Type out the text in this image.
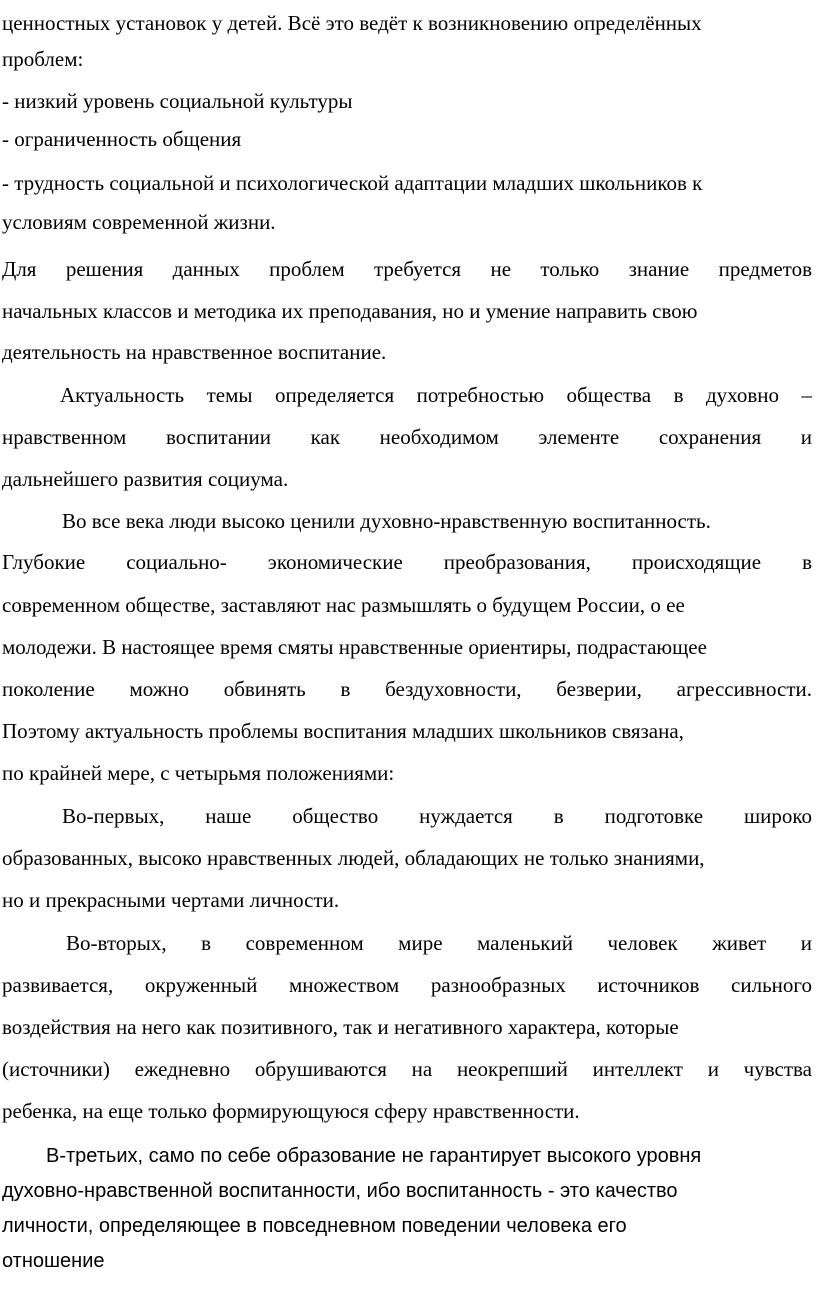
ценностных установок у детей. Всё это ведёт к возникновению определённых
проблем:
- низкий уровень социальной культуры
- ограниченность общения
- трудность социальной и психологической адаптации младших школьников к
условиям современной жизни.
Для решения данных проблем требуется не только знание предметов
начальных классов и методика их преподавания, но и умение направить свою
деятельность на нравственное воспитание.
Актуальность темы определяется потребностью общества в духовно –
нравственном воспитании как необходимом элементе сохранения и
дальнейшего развития социума.
Во все века люди высоко ценили духовно-нравственную воспитанность.
Глубокие социально- экономические преобразования, происходящие в
современном обществе, заставляют нас размышлять о будущем России, о ее
молодежи. В настоящее время смяты нравственные ориентиры, подрастающее
поколение можно обвинять в бездуховности, безверии, агрессивности.
Поэтому актуальность проблемы воспитания младших школьников связана,
по крайней мере, с четырьмя положениями:
Во-первых, наше общество нуждается в подготовке широко
образованных, высоко нравственных людей, обладающих не только знаниями,
но и прекрасными чертами личности.
Во-вторых, в современном мире маленький человек живет и
развивается, окруженный множеством разнообразных источников сильного
воздействия на него как позитивного, так и негативного характера, которые
(источники) ежедневно обрушиваются на неокрепший интеллект и чувства
ребенка, на еще только формирующуюся сферу нравственности.
В-третьих, само по себе образование не гарантирует высокого уровня
духовно-нравственной воспитанности, ибо воспитанность - это качество
личности, определяющее в повседневном поведении человека его
отношение
